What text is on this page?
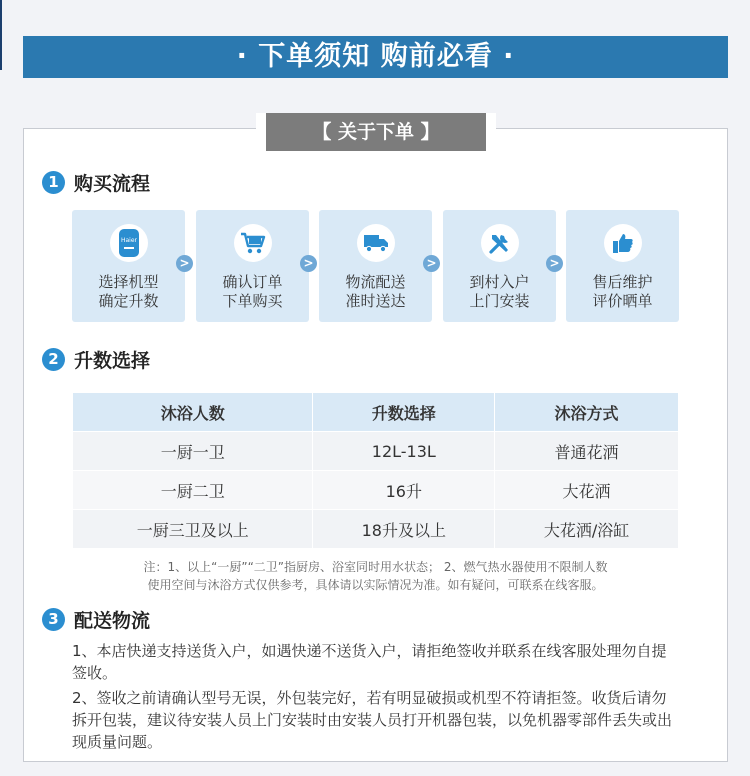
· 下单须知 购前必看 ·
【 关于下单 】
1 购买流程
Haier
选择机型
确定升数
>
确认订单
下单购买
>
物流配送
准时送达
>
到村入户
上门安装
>
售后维护
评价晒单
2 升数选择
沐浴人数	升数选择	沐浴方式
一厨一卫	12L-13L	普通花洒
一厨二卫	16升	大花洒
一厨三卫及以上	18升及以上	大花洒/浴缸
注：1、以上“一厨”“二卫”指厨房、浴室同时用水状态； 2、燃气热水器使用不限制人数
使用空间与沐浴方式仅供参考，具体请以实际情况为准。如有疑问，可联系在线客服。
3 配送物流
1、本店快递支持送货入户，如遇快递不送货入户，请拒绝签收并联系在线客服处理勿自提签收。
2、签收之前请确认型号无误，外包装完好，若有明显破损或机型不符请拒签。收货后请勿拆开包装，建议待安装人员上门安装时由安装人员打开机器包装，以免机器零部件丢失或出现质量问题。
